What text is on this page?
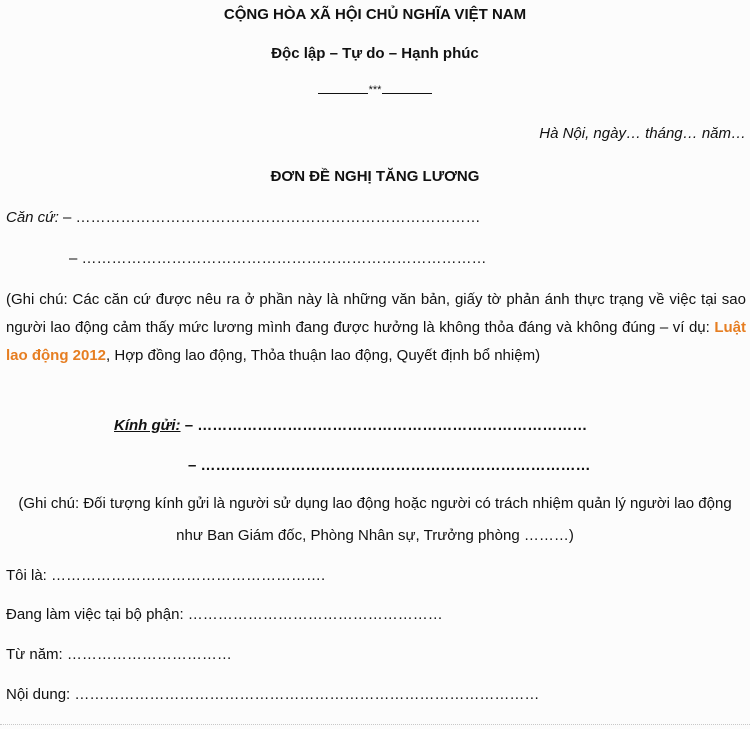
CỘNG HÒA XÃ HỘI CHỦ NGHĨA VIỆT NAM
Độc lập – Tự do – Hạnh phúc
***
Hà Nội, ngày… tháng… năm…
ĐƠN ĐỀ NGHỊ TĂNG LƯƠNG
Căn cứ: – ………………………………………………………………………
– ………………………………………………………………………
(Ghi chú: Các căn cứ được nêu ra ở phần này là những văn bản, giấy tờ phản ánh thực trạng về việc tại sao người lao động cảm thấy mức lương mình đang được hưởng là không thỏa đáng và không đúng – ví dụ: Luật lao động 2012, Hợp đồng lao động, Thỏa thuận lao động, Quyết định bổ nhiệm)
Kính gửi: – ……………………………………………………………………
– ……………………………………………………………………
(Ghi chú: Đối tượng kính gửi là người sử dụng lao động hoặc người có trách nhiệm quản lý người lao động như Ban Giám đốc, Phòng Nhân sự, Trưởng phòng ………)
Tôi là: ……………………………………………….
Đang làm việc tại bộ phận: ……………………………………………
Từ năm: ……………………………
Nội dung: …………………………………………………………………………………
